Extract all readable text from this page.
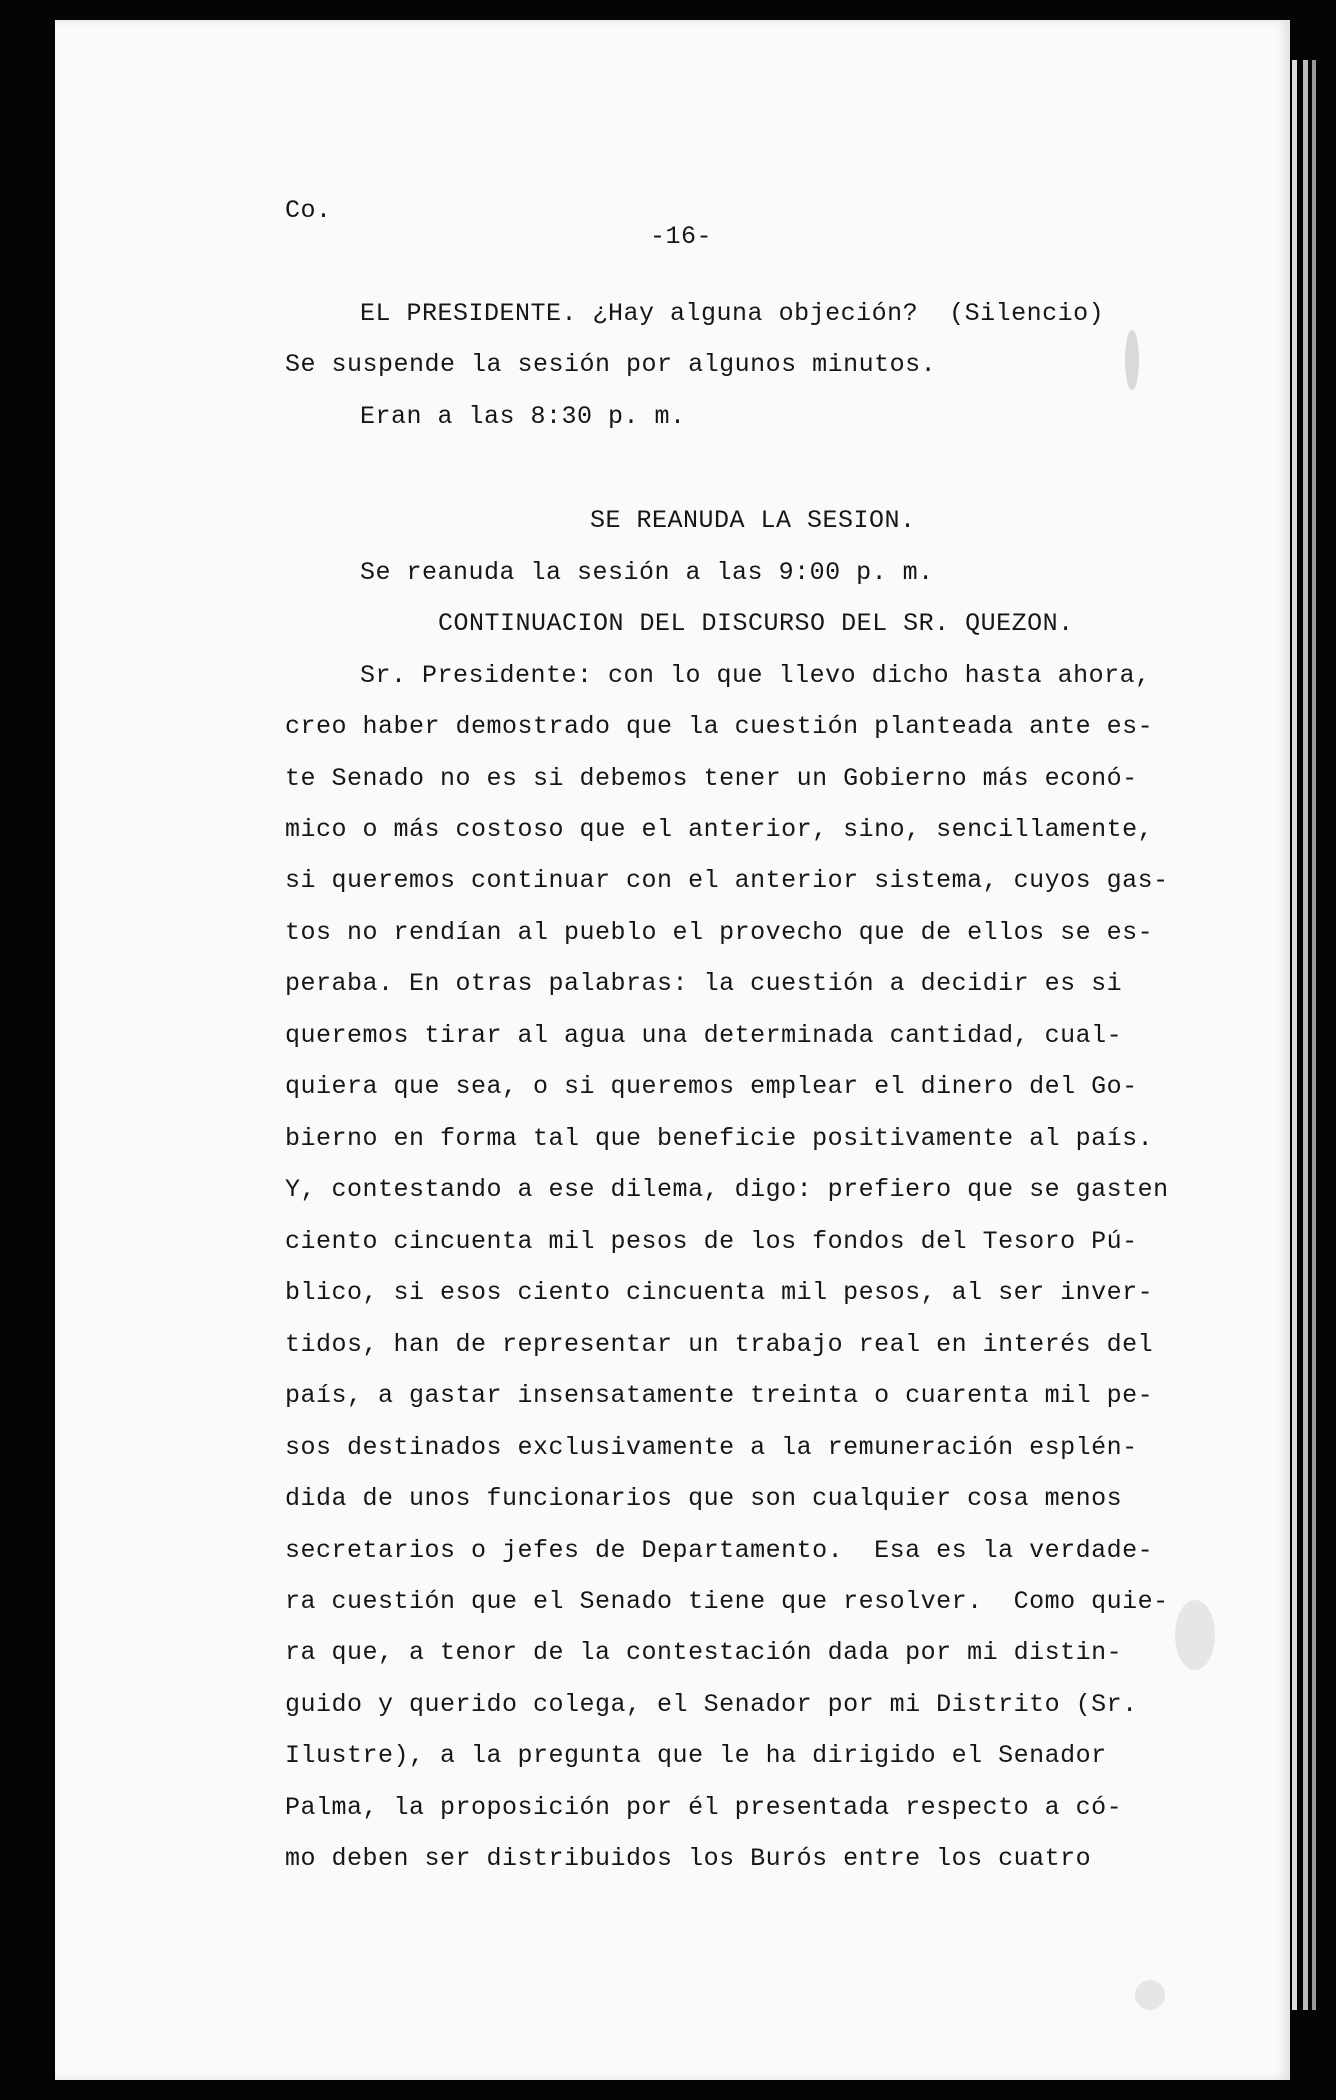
Co.
-16-
EL PRESIDENTE. ¿Hay alguna objeción?  (Silencio)
Se suspende la sesión por algunos minutos.
Eran a las 8:30 p. m.
SE REANUDA LA SESION.
Se reanuda la sesión a las 9:00 p. m.
CONTINUACION DEL DISCURSO DEL SR. QUEZON.
Sr. Presidente: con lo que llevo dicho hasta ahora,
creo haber demostrado que la cuestión planteada ante es-
te Senado no es si debemos tener un Gobierno más econó-
mico o más costoso que el anterior, sino, sencillamente,
si queremos continuar con el anterior sistema, cuyos gas-
tos no rendían al pueblo el provecho que de ellos se es-
peraba. En otras palabras: la cuestión a decidir es si
queremos tirar al agua una determinada cantidad, cual-
quiera que sea, o si queremos emplear el dinero del Go-
bierno en forma tal que beneficie positivamente al país.
Y, contestando a ese dilema, digo: prefiero que se gasten
ciento cincuenta mil pesos de los fondos del Tesoro Pú-
blico, si esos ciento cincuenta mil pesos, al ser inver-
tidos, han de representar un trabajo real en interés del
país, a gastar insensatamente treinta o cuarenta mil pe-
sos destinados exclusivamente a la remuneración esplén-
dida de unos funcionarios que son cualquier cosa menos
secretarios o jefes de Departamento.  Esa es la verdade-
ra cuestión que el Senado tiene que resolver.  Como quie-
ra que, a tenor de la contestación dada por mi distin-
guido y querido colega, el Senador por mi Distrito (Sr.
Ilustre), a la pregunta que le ha dirigido el Senador
Palma, la proposición por él presentada respecto a có-
mo deben ser distribuidos los Burós entre los cuatro
